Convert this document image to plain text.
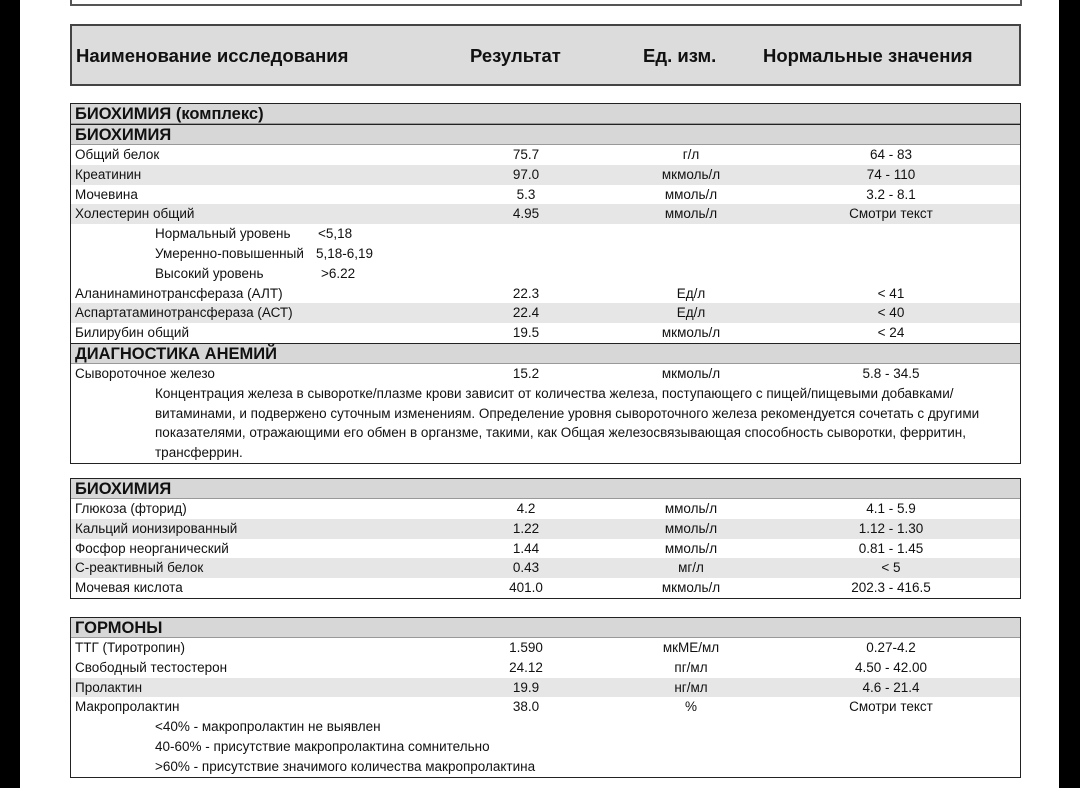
Наименование исследования	Результат	Ед. изм.	Нормальные значения
БИОХИМИЯ (комплекс)
БИОХИМИЯ
Общий белок	75.7	г/л	64 - 83
Креатинин	97.0	мкмоль/л	74 - 110
Мочевина	5.3	ммоль/л	3.2 - 8.1
Холестерин общий	4.95	ммоль/л	Смотри текст
Нормальный уровень <5,18
Умеренно-повышенный 5,18-6,19
Высокий уровень	>6.22
Аланинаминотрансфераза (АЛТ)	22.3	Ед/л	< 41
Аспартатаминотрансфераза (АСТ)	22.4	Ед/л	< 40
Билирубин общий	19.5	мкмоль/л	< 24
ДИАГНОСТИКА АНЕМИЙ
Сывороточное железо	15.2	мкмоль/л	5.8 - 34.5
Концентрация железа в сыворотке/плазме крови зависит от количества железа, поступающего с пищей/пищевыми добавками/витаминами, и подвержено суточным изменениям. Определение уровня сывороточного железа рекомендуется сочетать с другими показателями, отражающими его обмен в органзме, такими, как Общая железосвязывающая способность сыворотки, ферритин, трансферрин.
БИОХИМИЯ
Глюкоза (фторид)	4.2	ммоль/л	4.1 - 5.9
Кальций ионизированный	1.22	ммоль/л	1.12 - 1.30
Фосфор неорганический	1.44	ммоль/л	0.81 - 1.45
С-реактивный белок	0.43	мг/л	< 5
Мочевая кислота	401.0	мкмоль/л	202.3 - 416.5
ГОРМОНЫ
ТТГ (Тиротропин)	1.590	мкМЕ/мл	0.27-4.2
Свободный тестостерон	24.12	пг/мл	4.50 - 42.00
Пролактин	19.9	нг/мл	4.6 - 21.4
Макропролактин	38.0	%	Смотри текст
<40% - макропролактин не выявлен
40-60% - присутствие макропролактина сомнительно
>60% - присутствие значимого количества макропролактина
